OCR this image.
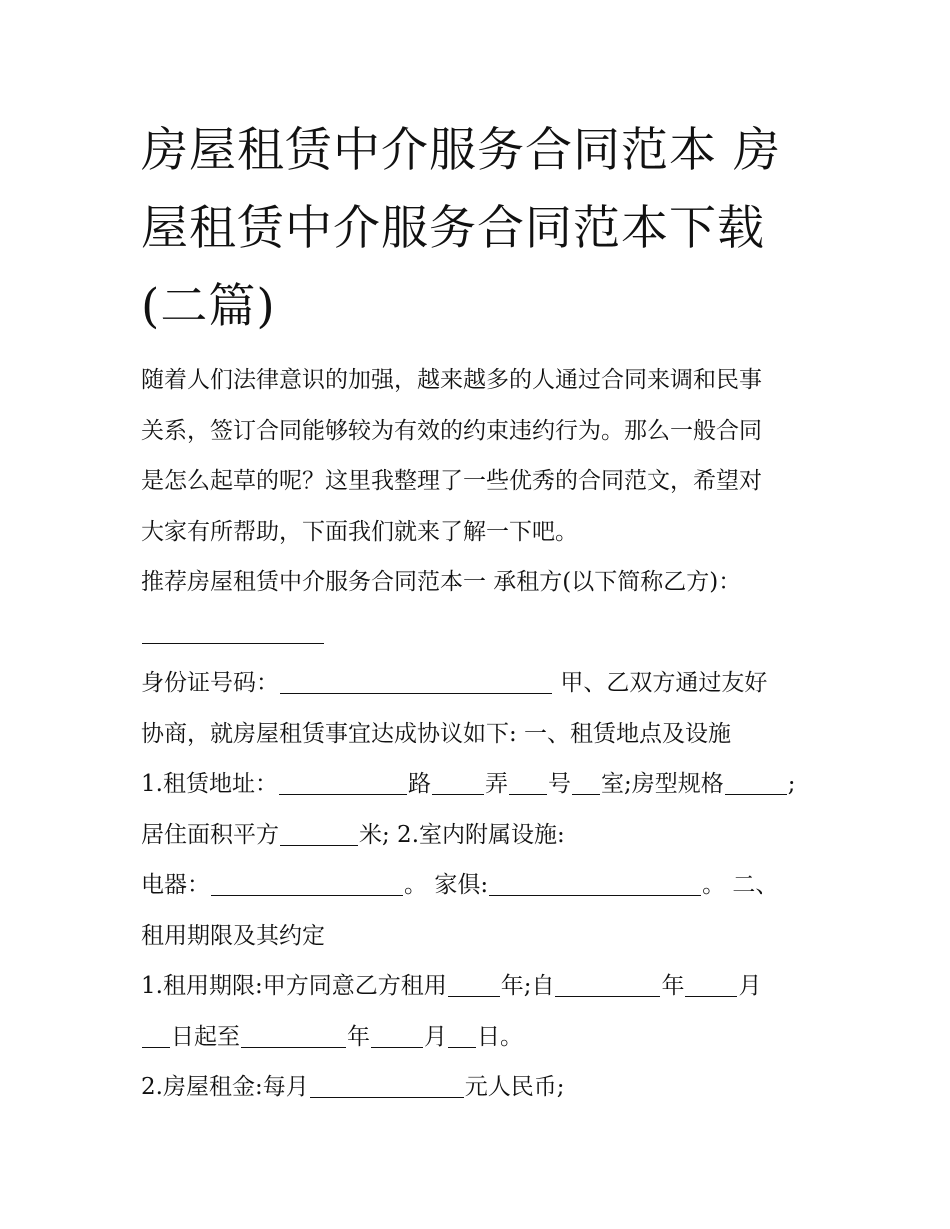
房屋租赁中介服务合同范本 房
屋租赁中介服务合同范本下载
(二篇)
随着人们法律意识的加强，越来越多的人通过合同来调和民事
关系，签订合同能够较为有效的约束违约行为。那么一般合同
是怎么起草的呢？这里我整理了一些优秀的合同范文，希望对
大家有所帮助，下面我们就来了解一下吧。
推荐房屋租赁中介服务合同范本一 承租方(以下简称乙方)：
身份证号码：	甲、乙双方通过友好
协商，就房屋租赁事宜达成协议如下: 一、租赁地点及设施
1.租赁地址：	路 弄 号 室;房型规格	;
居住面积平方	米; 2.室内附属设施:
电器：	。 家俱:	。 二、
租用期限及其约定
1.租用期限:甲方同意乙方租用 年;自	年 月
日起至	年 月 日。
2.房屋租金:每月	元人民币;
